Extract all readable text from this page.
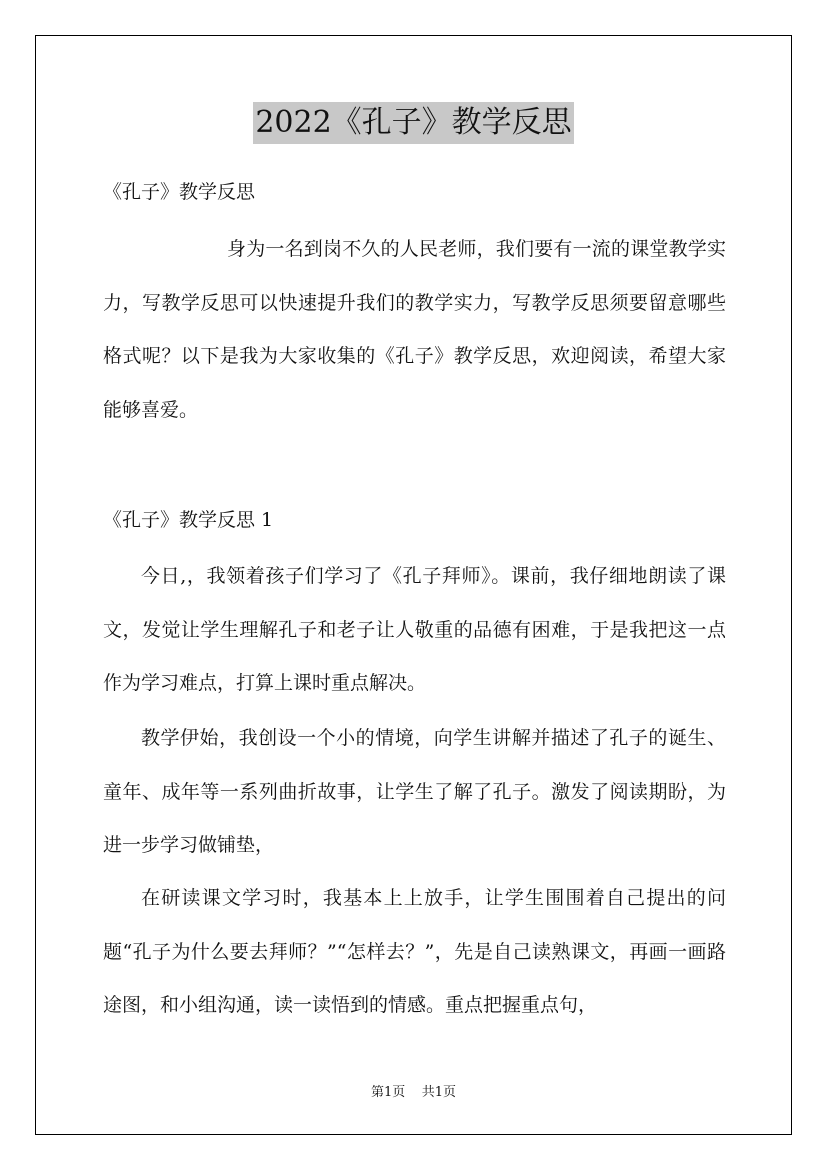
2022《孔子》教学反思
《孔子》教学反思
身为一名到岗不久的人民老师，我们要有一流的课堂教学实力，写教学反思可以快速提升我们的教学实力，写教学反思须要留意哪些格式呢？以下是我为大家收集的《孔子》教学反思，欢迎阅读，希望大家能够喜爱。
《孔子》教学反思 1
今日,，我领着孩子们学习了《孔子拜师》。课前，我仔细地朗读了课文，发觉让学生理解孔子和老子让人敬重的品德有困难，于是我把这一点作为学习难点，打算上课时重点解决。
教学伊始，我创设一个小的情境，向学生讲解并描述了孔子的诞生、童年、成年等一系列曲折故事，让学生了解了孔子。激发了阅读期盼，为进一步学习做铺垫，
在研读课文学习时，我基本上上放手，让学生围围着自己提出的问题“孔子为什么要去拜师？”“怎样去？”，先是自己读熟课文，再画一画路途图，和小组沟通，读一读悟到的情感。重点把握重点句，
第1页 共1页
